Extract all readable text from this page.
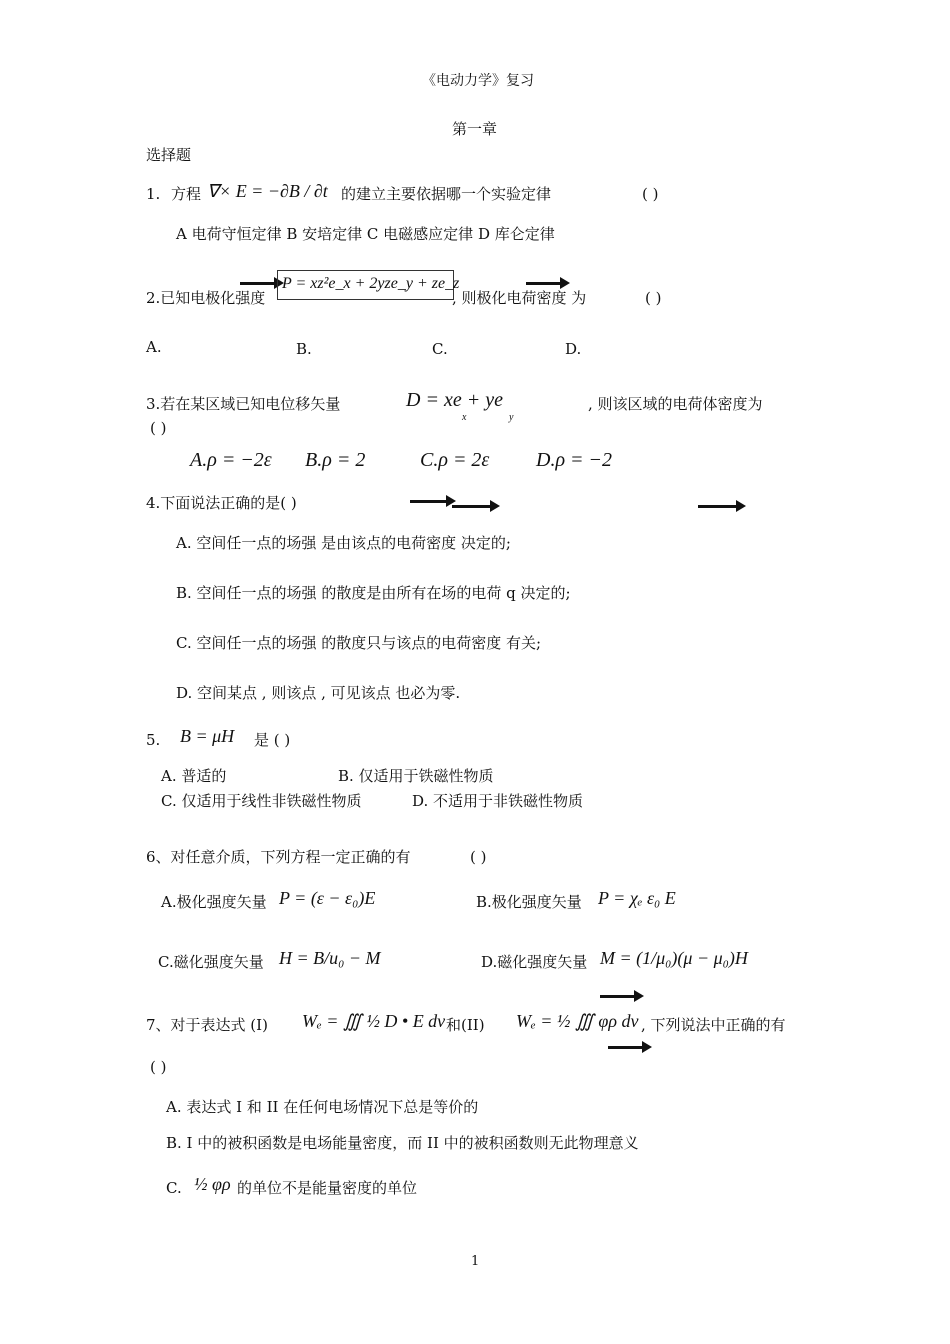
《电动力学》复习
第一章
选择题
1. 方程 ∇× E = −∂B / ∂t 的建立主要依据哪一个实验定律	( )
A 电荷守恒定律 B 安培定律 C 电磁感应定律 D 库仑定律
2.已知电极化强度
P = xz²e_x + 2yze_y + ze_z
, 则极化电荷密度 为	( )
A.	B.	C.	D.
3.若在某区域已知电位移矢量	D = xe + ye
x	y
, 则该区域的电荷体密度为
( )
A.ρ = −2ε B.ρ = 2	C.ρ = 2ε D.ρ = −2
4.下面说法正确的是( )
A. 空间任一点的场强 是由该点的电荷密度 决定的;
B. 空间任一点的场强 的散度是由所有在场的电荷 q 决定的;
C. 空间任一点的场强 的散度只与该点的电荷密度 有关;
D. 空间某点 , 则该点 , 可见该点 也必为零.
5. B = μH 是 ( )
A. 普适的	B. 仅适用于铁磁性物质
C. 仅适用于线性非铁磁性物质	D. 不适用于非铁磁性物质
6、对任意介质，下列方程一定正确的有	( )
A.极化强度矢量 P = (ε − ε₀)E	B.极化强度矢量 P = χₑ ε₀ E
C.磁化强度矢量 H = B/u₀ − M	D.磁化强度矢量 M = (1/μ₀)(μ − μ₀)H
7、对于表达式 (I) Wₑ = ∭ ½ D • E dv 和(II) Wₑ = ½ ∭ φρ dv , 下列说法中正确的有
( )
A. 表达式 I 和 II 在任何电场情况下总是等价的
B. I 中的被积函数是电场能量密度，而 II 中的被积函数则无此物理意义
C. ½ φρ 的单位不是能量密度的单位
1
